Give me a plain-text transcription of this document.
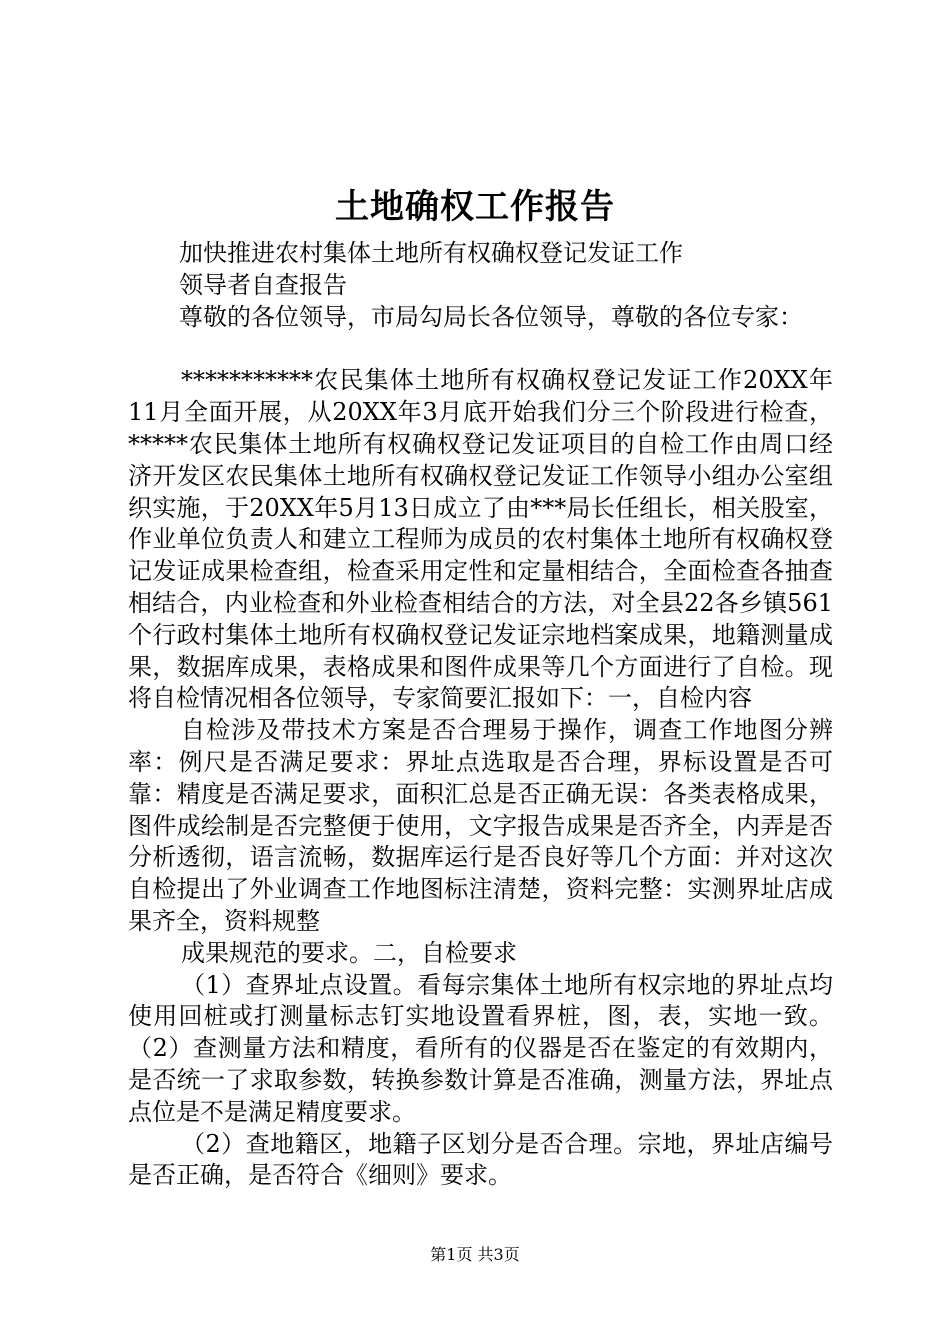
土地确权工作报告

加快推进农村集体土地所有权确权登记发证工作

领导者自查报告

尊敬的各位领导，市局勾局长各位领导，尊敬的各位专家：

***********农民集体土地所有权确权登记发证工作20XX年11月全面开展，从20XX年3月底开始我们分三个阶段进行检查，*****农民集体土地所有权确权登记发证项目的自检工作由周口经济开发区农民集体土地所有权确权登记发证工作领导小组办公室组织实施，于20XX年5月13日成立了由***局长任组长，相关股室，作业单位负责人和建立工程师为成员的农村集体土地所有权确权登记发证成果检查组，检查采用定性和定量相结合，全面检查各抽查相结合，内业检查和外业检查相结合的方法，对全县22各乡镇561个行政村集体土地所有权确权登记发证宗地档案成果，地籍测量成果，数据库成果，表格成果和图件成果等几个方面进行了自检。现将自检情况相各位领导，专家简要汇报如下：一，自检内容

自检涉及带技术方案是否合理易于操作，调查工作地图分辨率：例尺是否满足要求：界址点选取是否合理，界标设置是否可靠：精度是否满足要求，面积汇总是否正确无误：各类表格成果，图件成绘制是否完整便于使用，文字报告成果是否齐全，内弄是否分析透彻，语言流畅，数据库运行是否良好等几个方面：并对这次自检提出了外业调查工作地图标注清楚，资料完整：实测界址店成果齐全，资料规整

成果规范的要求。二，自检要求

（1）查界址点设置。看每宗集体土地所有权宗地的界址点均使用回桩或打测量标志钉实地设置看界桩，图，表，实地一致。（2）查测量方法和精度，看所有的仪器是否在鉴定的有效期内，是否统一了求取参数，转换参数计算是否准确，测量方法，界址点点位是不是满足精度要求。

（2）查地籍区，地籍子区划分是否合理。宗地，界址店编号是否正确，是否符合《细则》要求。

第1页 共3页
